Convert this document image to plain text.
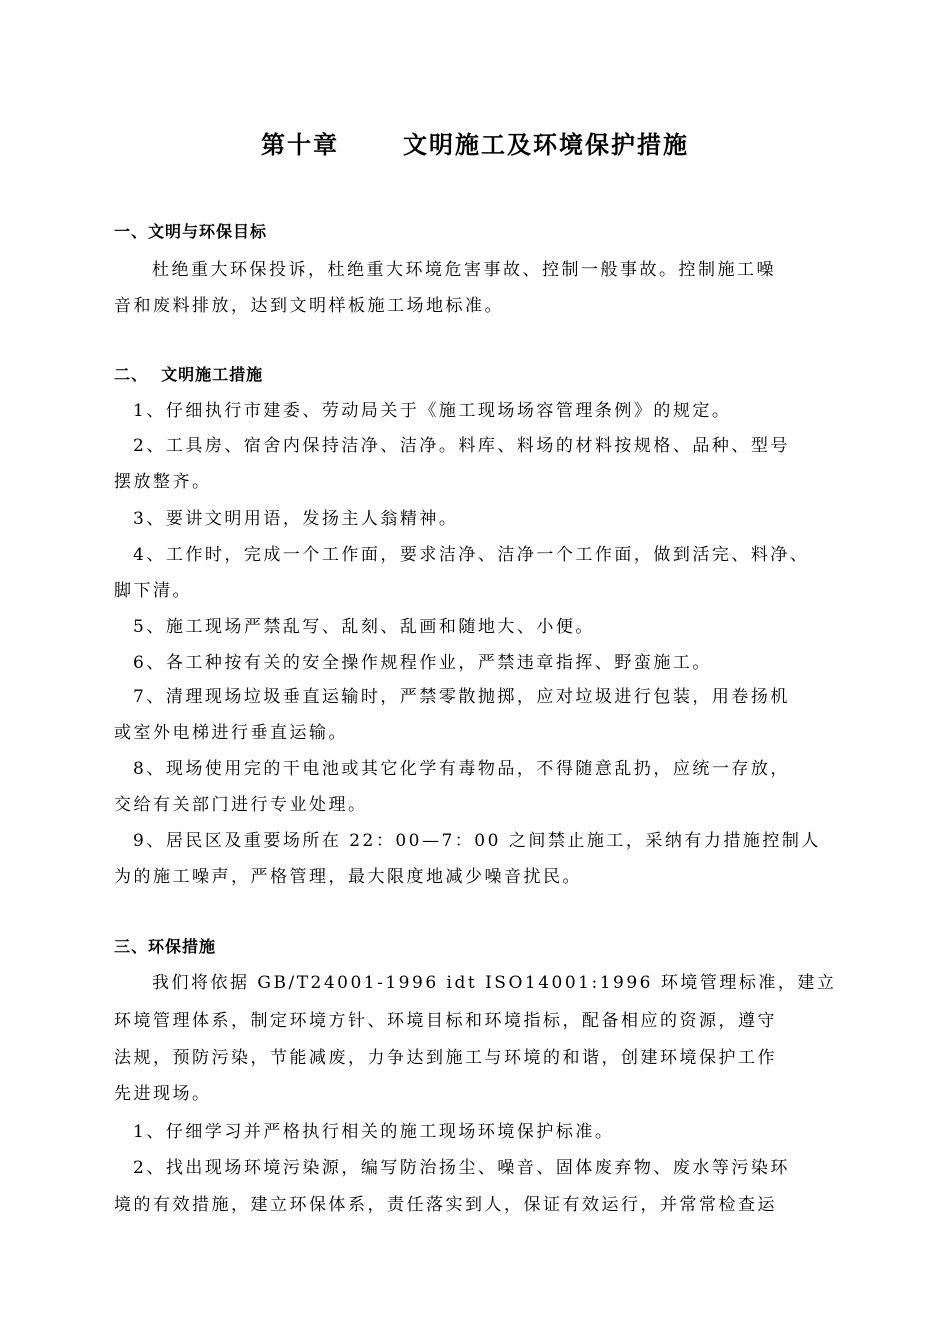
第十章	文明施工及环境保护措施
一、文明与环保目标
杜绝重大环保投诉，杜绝重大环境危害事故、控制一般事故。控制施工噪
音和废料排放，达到文明样板施工场地标准。
二、  文明施工措施
1、仔细执行市建委、劳动局关于《施工现场场容管理条例》的规定。
2、工具房、宿舍内保持洁净、洁净。料库、料场的材料按规格、品种、型号
摆放整齐。
3、要讲文明用语，发扬主人翁精神。
4、工作时，完成一个工作面，要求洁净、洁净一个工作面，做到活完、料净、
脚下清。
5、施工现场严禁乱写、乱刻、乱画和随地大、小便。
6、各工种按有关的安全操作规程作业，严禁违章指挥、野蛮施工。
7、清理现场垃圾垂直运输时，严禁零散抛掷，应对垃圾进行包装，用卷扬机
或室外电梯进行垂直运输。
8、现场使用完的干电池或其它化学有毒物品，不得随意乱扔，应统一存放，
交给有关部门进行专业处理。
9、居民区及重要场所在 22：00—7：00 之间禁止施工，采纳有力措施控制人
为的施工噪声，严格管理，最大限度地减少噪音扰民。
三、环保措施
我们将依据 GB/T24001-1996 idt ISO14001:1996 环境管理标准，建立
环境管理体系，制定环境方针、环境目标和环境指标，配备相应的资源，遵守
法规，预防污染，节能减废，力争达到施工与环境的和谐，创建环境保护工作
先进现场。
1、仔细学习并严格执行相关的施工现场环境保护标准。
2、找出现场环境污染源，编写防治扬尘、噪音、固体废弃物、废水等污染环
境的有效措施，建立环保体系，责任落实到人，保证有效运行，并常常检查运
